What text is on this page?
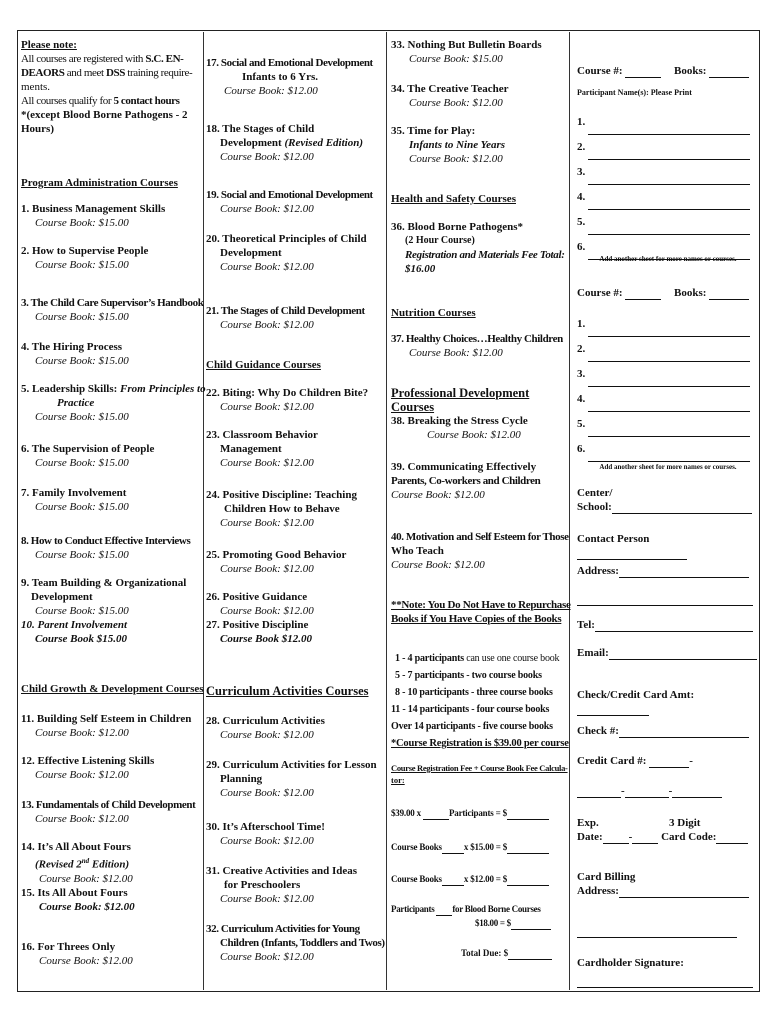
Please note:
All courses are registered with S.C. EN-
DEAORS and meet DSS training require-
ments.
All courses qualify for 5 contact hours
*(except Blood Borne Pathogens - 2
Hours)
Program Administration Courses
1. Business Management Skills
Course Book: $15.00
2. How to Supervise People
Course Book: $15.00
3. The Child Care Supervisor’s Handbook
Course Book: $15.00
4. The Hiring Process
Course Book: $15.00
5. Leadership Skills: From Principles to
Practice
Course Book: $15.00
6. The Supervision of People
Course Book: $15.00
7. Family Involvement
Course Book: $15.00
8. How to Conduct Effective Interviews
Course Book: $15.00
9. Team Building & Organizational
Development
Course Book: $15.00
10. Parent Involvement
Course Book $15.00
Child Growth & Development Courses
11. Building Self Esteem in Children
Course Book: $12.00
12. Effective Listening Skills
Course Book: $12.00
13. Fundamentals of Child Development
Course Book: $12.00
14. It’s All About Fours
(Revised 2nd Edition)
Course Book: $12.00
15. Its All About Fours
Course Book: $12.00
16. For Threes Only
Course Book: $12.00
17. Social and Emotional Development
Infants to 6 Yrs.
Course Book: $12.00
18. The Stages of Child
Development (Revised Edition)
Course Book: $12.00
19. Social and Emotional Development
Course Book: $12.00
20. Theoretical Principles of Child
Development
Course Book: $12.00
21. The Stages of Child Development
Course Book: $12.00
Child Guidance Courses
22. Biting: Why Do Children Bite?
Course Book: $12.00
23. Classroom Behavior
Management
Course Book: $12.00
24. Positive Discipline: Teaching
Children How to Behave
Course Book: $12.00
25. Promoting Good Behavior
Course Book: $12.00
26. Positive Guidance
Course Book: $12.00
27. Positive Discipline
Course Book $12.00
Curriculum Activities Courses
28. Curriculum Activities
Course Book: $12.00
29. Curriculum Activities for Lesson
Planning
Course Book: $12.00
30. It’s Afterschool Time!
Course Book: $12.00
31. Creative Activities and Ideas
for Preschoolers
Course Book: $12.00
32. Curriculum Activities for Young
Children (Infants, Toddlers and Twos)
Course Book: $12.00
33. Nothing But Bulletin Boards
Course Book: $15.00
34. The Creative Teacher
Course Book: $12.00
35. Time for Play:
Infants to Nine Years
Course Book: $12.00
Health and Safety Courses
36. Blood Borne Pathogens*
(2 Hour Course)
Registration and Materials Fee Total:
$16.00
Nutrition Courses
37. Healthy Choices…Healthy Children
Course Book: $12.00
Professional Development Courses
38. Breaking the Stress Cycle
Course Book: $12.00
39. Communicating Effectively
Parents, Co-workers and Children
Course Book: $12.00
40. Motivation and Self Esteem for Those
Who Teach
Course Book: $12.00
**Note: You Do Not Have to Repurchase
Books if You Have Copies of the Books
1 - 4 participants can use one course book
5 - 7 participants - two course books
8 - 10 participants - three course books
11 - 14 participants - four course books
Over 14 participants - five course books
*Course Registration is $39.00 per course
Course Registration Fee + Course Book Fee Calcula-
tor:
$39.00 x	Participants = $
Course Books x $15.00 = $
Course Books x $12.00 = $
Participants for Blood Borne Courses
$18.00 = $
Total Due: $
Course #:	Books:
Participant Name(s): Please Print
1.
2.
3.
4.
5.
6.
Add another sheet for more names or courses.
Course #:	Books:
1.
2.
3.
4.
5.
6.
Add another sheet for more names or courses.
Center/
School:
Contact Person
Address:
Tel:
Email:
Check/Credit Card Amt:
Check #:
Credit Card #:	-
-	-
Exp.	3 Digit
Date: -	Card Code:
Card Billing
Address:
Cardholder Signature:
